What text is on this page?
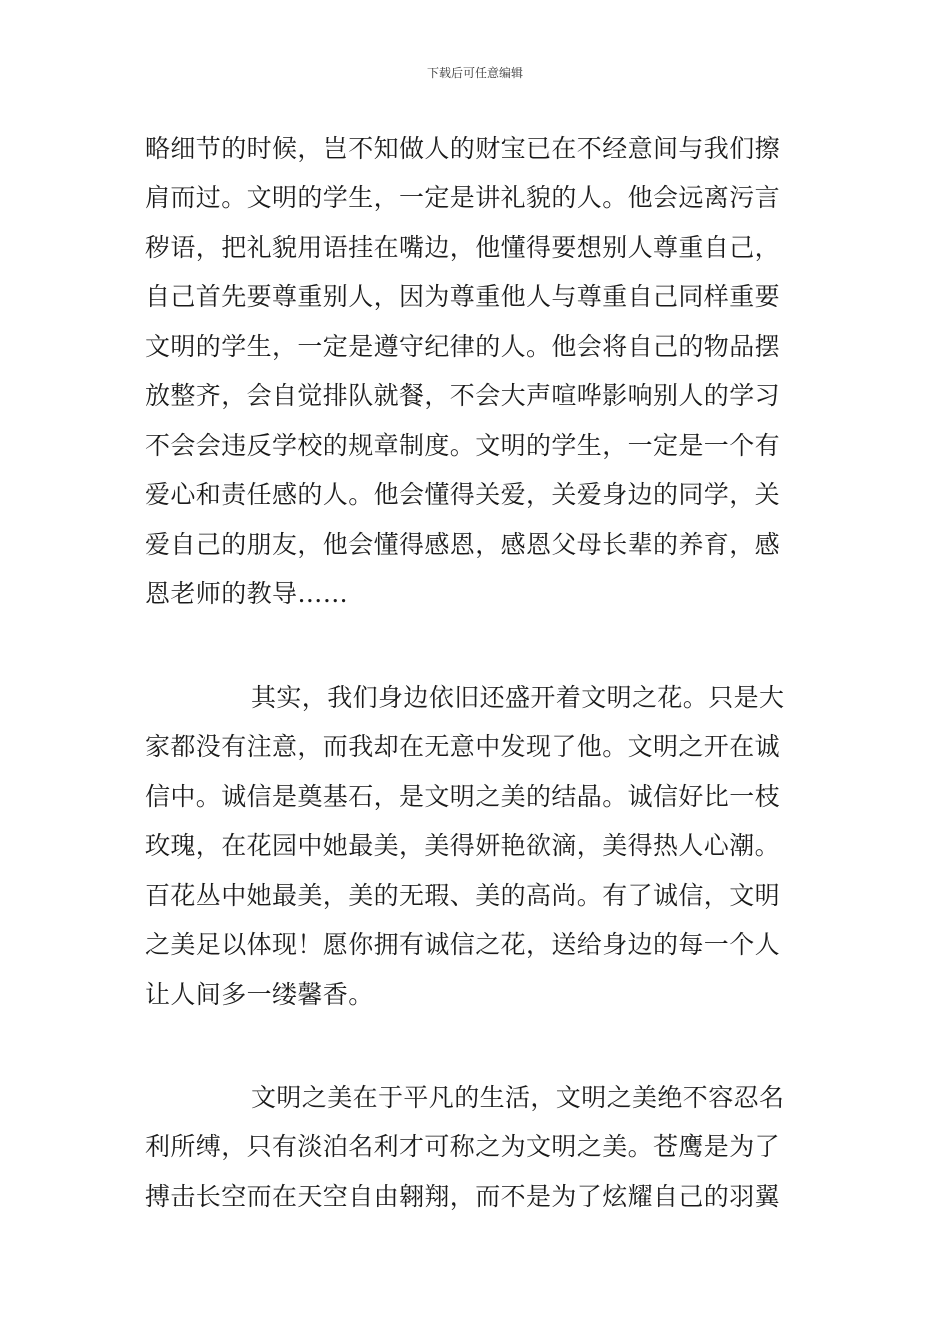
下载后可任意编辑
略细节的时候，岂不知做人的财宝已在不经意间与我们擦
肩而过。文明的学生，一定是讲礼貌的人。他会远离污言
秽语，把礼貌用语挂在嘴边，他懂得要想别人尊重自己，
自己首先要尊重别人，因为尊重他人与尊重自己同样重要
文明的学生，一定是遵守纪律的人。他会将自己的物品摆
放整齐，会自觉排队就餐，不会大声喧哗影响别人的学习
不会会违反学校的规章制度。文明的学生，一定是一个有
爱心和责任感的人。他会懂得关爱，关爱身边的同学，关
爱自己的朋友，他会懂得感恩，感恩父母长辈的养育，感
恩老师的教导……
其实，我们身边依旧还盛开着文明之花。只是大
家都没有注意，而我却在无意中发现了他。文明之开在诚
信中。诚信是奠基石，是文明之美的结晶。诚信好比一枝
玫瑰，在花园中她最美，美得妍艳欲滴，美得热人心潮。
百花丛中她最美，美的无瑕、美的高尚。有了诚信，文明
之美足以体现！愿你拥有诚信之花，送给身边的每一个人
让人间多一缕馨香。
文明之美在于平凡的生活，文明之美绝不容忍名
利所缚，只有淡泊名利才可称之为文明之美。苍鹰是为了
搏击长空而在天空自由翱翔，而不是为了炫耀自己的羽翼
